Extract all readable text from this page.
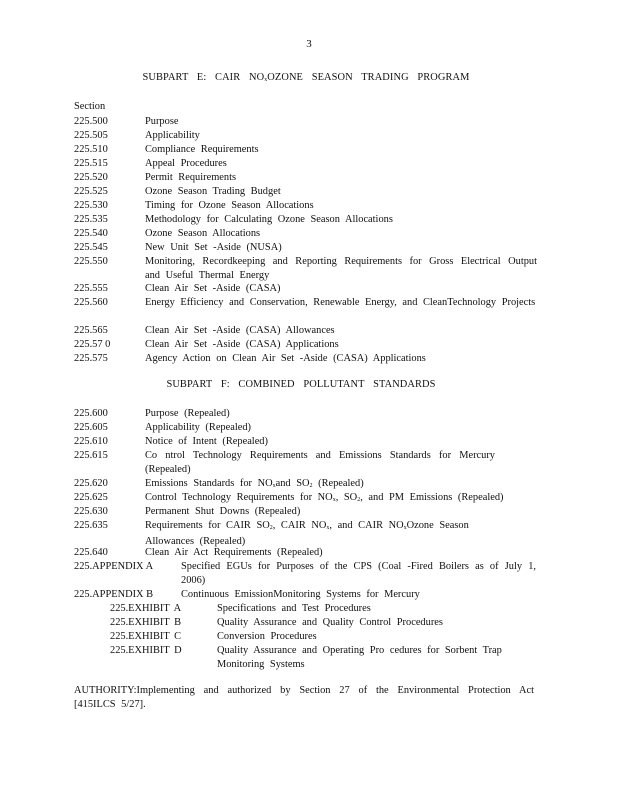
3
SUBPART E: CAIR $NO_xOZONE$ SEASON TRADING PROGRAM
Section
225.500	Purpose
225.505	Applicability
225.510	Compliance Requirements
225.515	Appeal Procedures
225.520	Permit Requirements
225.525	Ozone Season Trading Budget
225.530	Timing for Ozone Season Allocations
225.535	Methodology for Calculating Ozone Season Allocations
225.540	Ozone Season Allocations
225.545	New Unit Set -Aside (NUSA)
225.550	Monitoring, Recordkeeping and Reporting Requirements for Gross Electrical Output and Useful Thermal Energy
225.555	Clean Air Set -Aside (CASA)
225.560	Energy Efficiency and Conservation, Renewable Energy, and CleanTechnology Projects
225.565	Clean Air Set -Aside (CASA) Allowances
225.57 0	Clean Air Set -Aside (CASA) Applications
225.575	Agency Action on Clean Air Set -Aside (CASA) Applications
SUBPART F: COMBINED POLLUTANT STANDARDS
225.600	Purpose (Repealed)
225.605	Applicability (Repealed)
225.610	Notice of Intent (Repealed)
225.615	Co ntrol Technology Requirements and Emissions Standards for Mercury (Repealed)
225.620	Emissions Standards for $NO_xand$ $SO_2$ (Repealed)
225.625	Control Technology Requirements for $NO_x$, $SO_2$, and PM Emissions (Repealed)
225.630	Permanent Shut Downs (Repealed)
225.635	Requirements for CAIR $SO_2$, CAIR $NO_x$, and CAIR $NO_xOzone$ Season Allowances (Repealed)
225.640	Clean Air Act Requirements (Repealed)
225.APPENDIX A	Specified EGUs for Purposes of the CPS (Coal -Fired Boilers as of July 1, 2006)
225.APPENDIX B	Continuous EmissionMonitoring Systems for Mercury
225.EXHIBIT A	Specifications and Test Procedures
225.EXHIBIT B	Quality Assurance and Quality Control Procedures
225.EXHIBIT C	Conversion Procedures
225.EXHIBIT D	Quality Assurance and Operating Pro cedures for Sorbent Trap Monitoring Systems
AUTHORITY:Implementing and authorized by Section 27 of the Environmental Protection Act [415ILCS 5/27].
